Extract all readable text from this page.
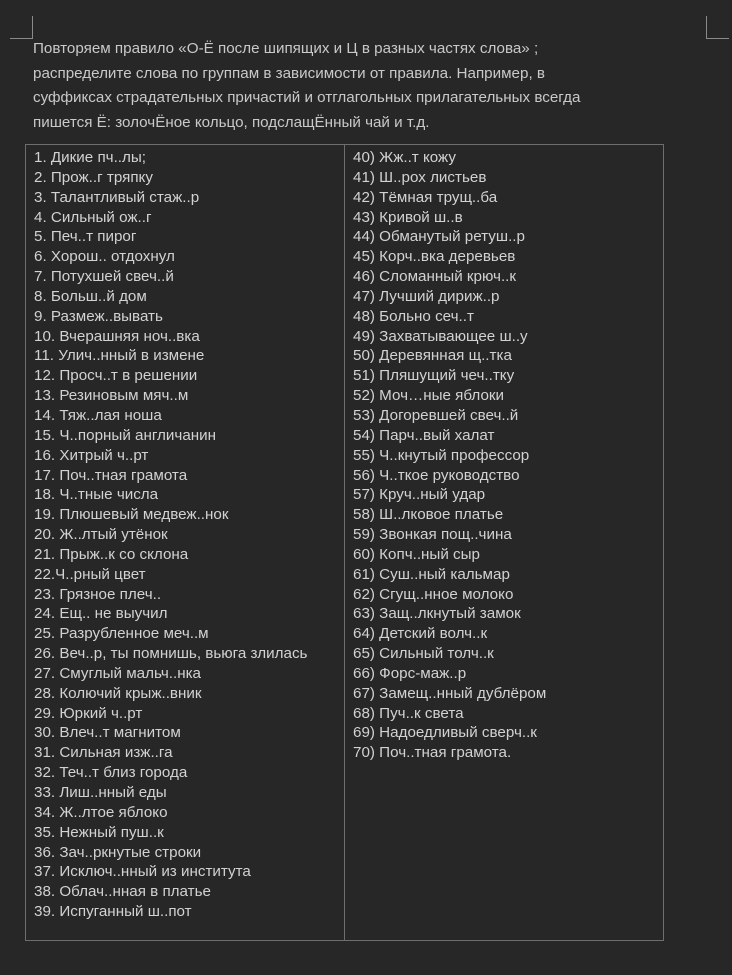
Повторяем правило «О-Ё после шипящих и Ц в разных частях слова» ;
распределите слова по группам в зависимости от правила. Например, в
суффиксах страдательных причастий и отглагольных прилагательных всегда
пишется Ё: золочЁное кольцо, подслащЁнный чай и т.д.

1. Дикие пч..лы;
2. Прож..г тряпку
3. Талантливый стаж..р
4. Сильный ож..г
5. Печ..т пирог
6. Хорош.. отдохнул
7. Потухшей свеч..й
8. Больш..й дом
9. Размеж..вывать
10. Вчерашняя ноч..вка
11. Улич..нный в измене
12. Просч..т в решении
13. Резиновым мяч..м
14. Тяж..лая ноша
15. Ч..порный англичанин
16. Хитрый ч..рт
17. Поч..тная грамота
18. Ч..тные числа
19. Плюшевый медвеж..нок
20. Ж..лтый утёнок
21. Прыж..к со склона
22.Ч..рный цвет
23. Грязное плеч..
24. Ещ.. не выучил
25. Разрубленное меч..м
26. Веч..р, ты помнишь, вьюга злилась
27. Смуглый мальч..нка
28. Колючий крыж..вник
29. Юркий ч..рт
30. Влеч..т магнитом
31. Сильная изж..га
32. Теч..т близ города
33. Лиш..нный еды
34. Ж..лтое яблоко
35. Нежный пуш..к
36. Зач..ркнутые строки
37. Исключ..нный из института
38. Облач..нная в платье
39. Испуганный ш..пот

40) Жж..т кожу
41) Ш..рох листьев
42) Тёмная трущ..ба
43) Кривой ш..в
44) Обманутый ретуш..р
45) Корч..вка деревьев
46) Сломанный крюч..к
47) Лучший дириж..р
48) Больно сеч..т
49) Захватывающее ш..у
50) Деревянная щ..тка
51) Пляшущий чеч..тку
52) Моч…ные яблоки
53) Догоревшей свеч..й
54) Парч..вый халат
55) Ч..кнутый профессор
56) Ч..ткое руководство
57) Круч..ный удар
58) Ш..лковое платье
59) Звонкая пощ..чина
60) Копч..ный сыр
61) Суш..ный кальмар
62) Сгущ..нное молоко
63) Защ..лкнутый замок
64) Детский волч..к
65) Сильный толч..к
66) Форс-маж..р
67) Замещ..нный дублёром
68) Пуч..к света
69) Надоедливый сверч..к
70) Поч..тная грамота.
